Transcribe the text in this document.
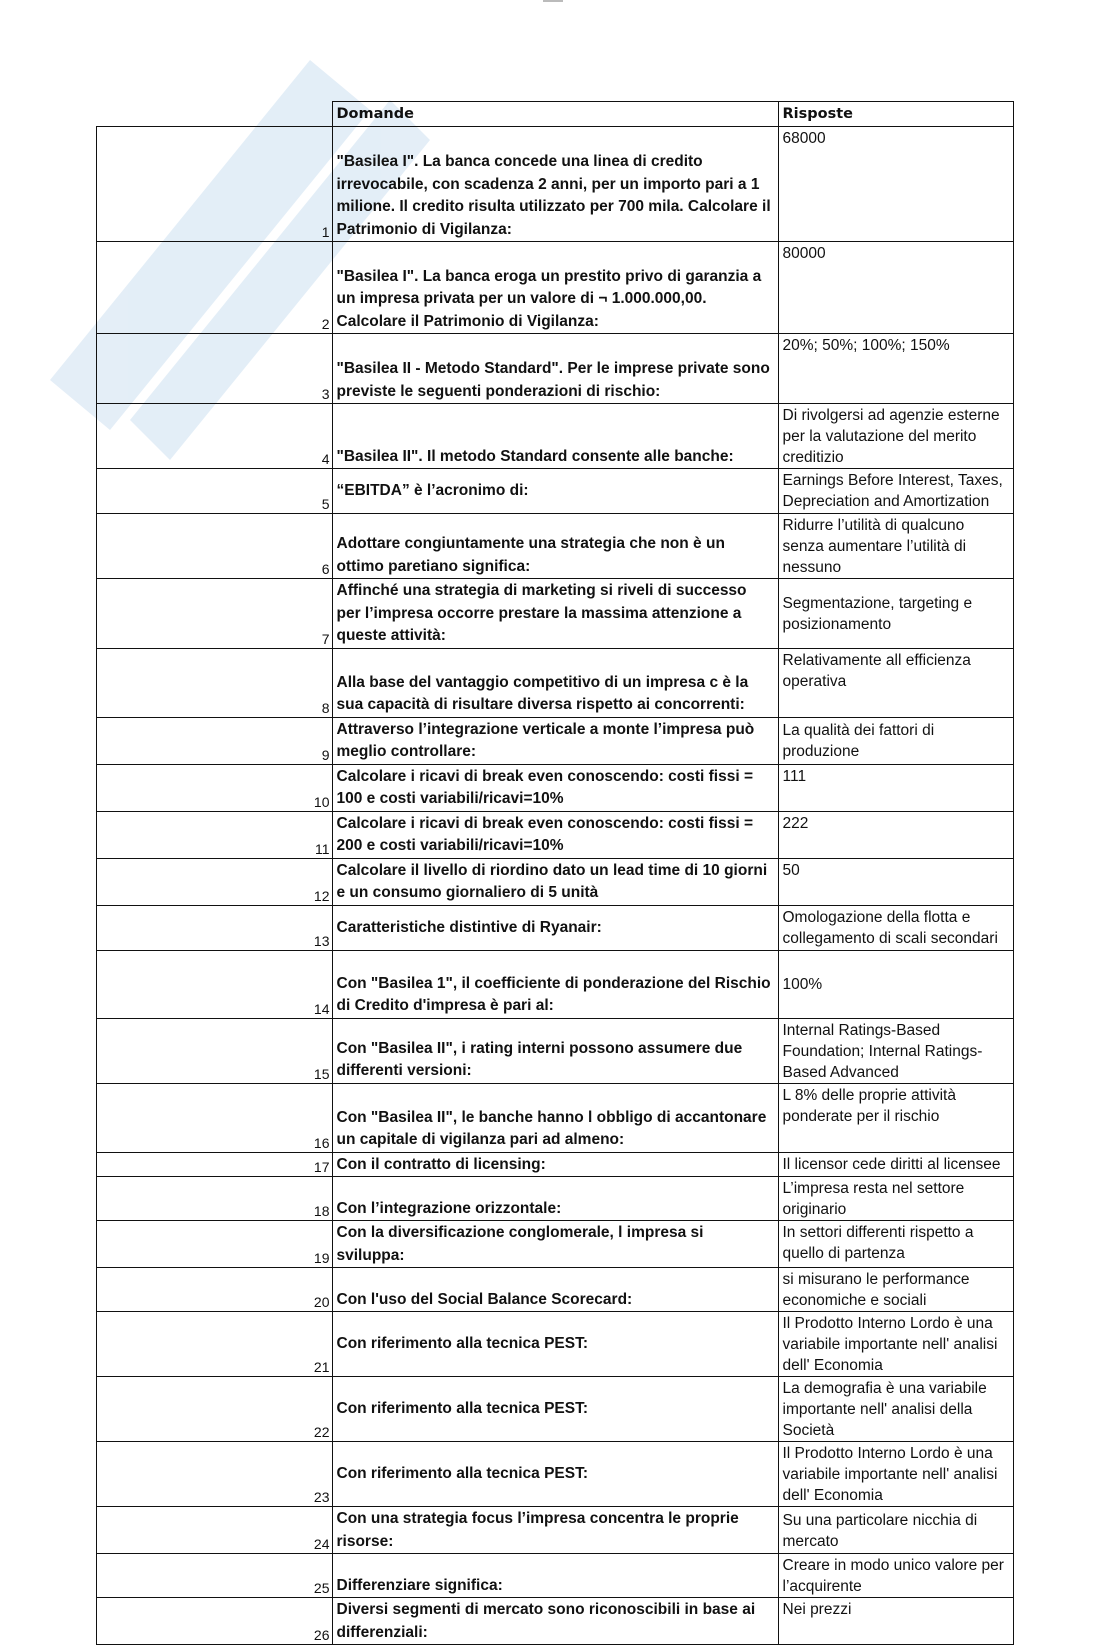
	Domande	Risposte
1	"Basilea I". La banca concede una linea di credito irrevocabile, con scadenza 2 anni, per un importo pari a 1 milione. Il credito risulta utilizzato per 700 mila. Calcolare il Patrimonio di Vigilanza:	68000
2	"Basilea I". La banca eroga un prestito privo di garanzia a un impresa privata per un valore di ¬ 1.000.000,00. Calcolare il Patrimonio di Vigilanza:	80000
3	"Basilea II - Metodo Standard". Per le imprese private sono previste le seguenti ponderazioni di rischio:	20%; 50%; 100%; 150%
4	"Basilea II". Il metodo Standard consente alle banche:	Di rivolgersi ad agenzie esterne per la valutazione del merito creditizio
5	“EBITDA” è l’acronimo di:	Earnings Before Interest, Taxes, Depreciation and Amortization
6	Adottare congiuntamente una strategia che non è un ottimo paretiano significa:	Ridurre l’utilità di qualcuno senza aumentare l’utilità di nessuno
7	Affinché una strategia di marketing si riveli di successo per l’impresa occorre prestare la massima attenzione a queste attività:	Segmentazione, targeting e posizionamento
8	Alla base del vantaggio competitivo di un impresa c è la sua capacità di risultare diversa rispetto ai concorrenti:	Relativamente all efficienza operativa
9	Attraverso l’integrazione verticale a monte l’impresa può meglio controllare:	La qualità dei fattori di produzione
10	Calcolare i ricavi di break even conoscendo: costi fissi = 100 e costi variabili/ricavi=10%	111
11	Calcolare i ricavi di break even conoscendo: costi fissi = 200 e costi variabili/ricavi=10%	222
12	Calcolare il livello di riordino dato un lead time di 10 giorni e un consumo giornaliero di 5 unità	50
13	Caratteristiche distintive di Ryanair:	Omologazione della flotta e collegamento di scali secondari
14	Con "Basilea 1", il coefficiente di ponderazione del Rischio di Credito d'impresa è pari al:	100%
15	Con "Basilea II", i rating interni possono assumere due differenti versioni:	Internal Ratings-Based Foundation; Internal Ratings-Based Advanced
16	Con "Basilea II", le banche hanno l obbligo di accantonare un capitale di vigilanza pari ad almeno:	L 8% delle proprie attività ponderate per il rischio
17	Con il contratto di licensing:	Il licensor cede diritti al licensee
18	Con l’integrazione orizzontale:	L’impresa resta nel settore originario
19	Con la diversificazione conglomerale, l impresa si sviluppa:	In settori differenti rispetto a quello di partenza
20	Con l'uso del Social Balance Scorecard:	si misurano le performance economiche e sociali
21	Con riferimento alla tecnica PEST:	Il Prodotto Interno Lordo è una variabile importante nell' analisi dell' Economia
22	Con riferimento alla tecnica PEST:	La demografia è una variabile importante nell' analisi della Società
23	Con riferimento alla tecnica PEST:	Il Prodotto Interno Lordo è una variabile importante nell' analisi dell' Economia
24	Con una strategia focus l’impresa concentra le proprie risorse:	Su una particolare nicchia di mercato
25	Differenziare significa:	Creare in modo unico valore per l’acquirente
26	Diversi segmenti di mercato sono riconoscibili in base ai differenziali:	Nei prezzi
